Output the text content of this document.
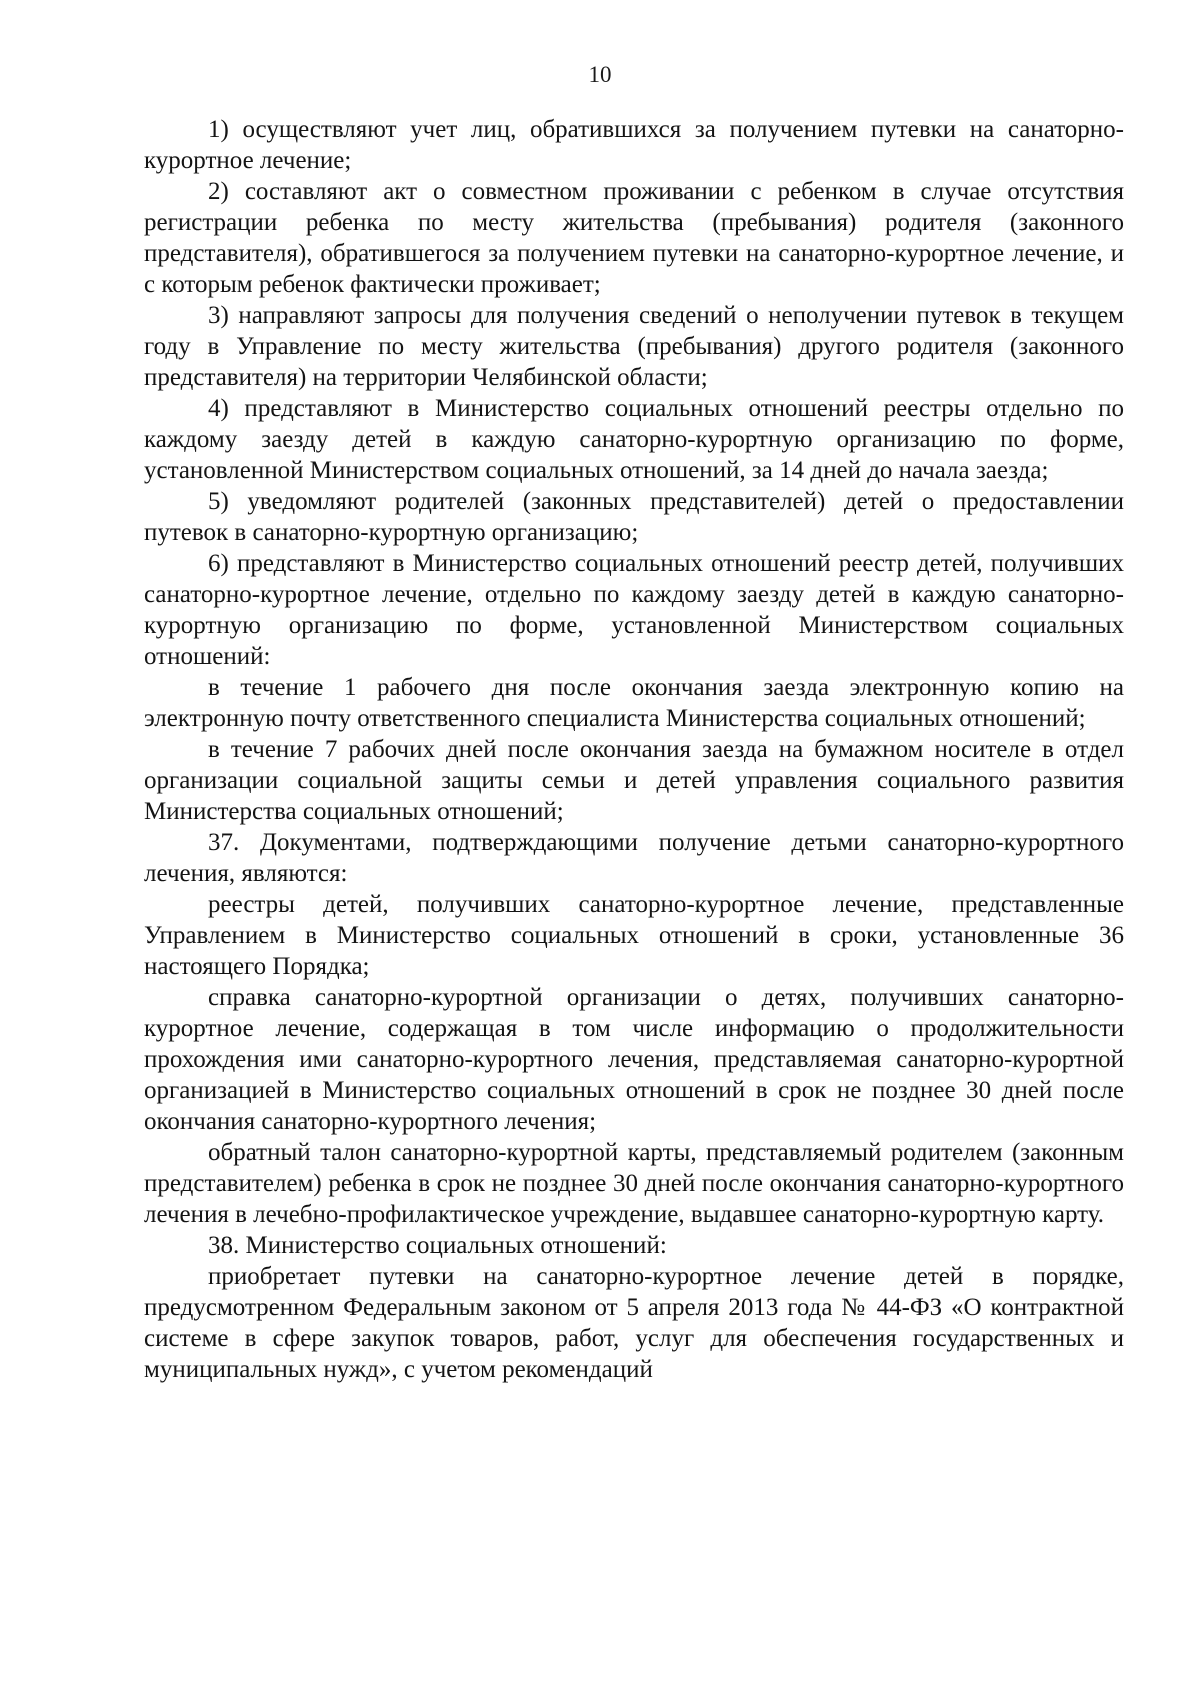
10

1) осуществляют учет лиц, обратившихся за получением путевки на санаторно-курортное лечение;

2) составляют акт о совместном проживании с ребенком в случае отсутствия регистрации ребенка по месту жительства (пребывания) родителя (законного представителя), обратившегося за получением путевки на санаторно-курортное лечение, и с которым ребенок фактически проживает;

3) направляют запросы для получения сведений о неполучении путевок в текущем году в Управление по месту жительства (пребывания) другого родителя (законного представителя) на территории Челябинской области;

4) представляют в Министерство социальных отношений реестры отдельно по каждому заезду детей в каждую санаторно-курортную организацию по форме, установленной Министерством социальных отношений, за 14 дней до начала заезда;

5) уведомляют родителей (законных представителей) детей о предоставлении путевок в санаторно-курортную организацию;

6) представляют в Министерство социальных отношений реестр детей, получивших санаторно-курортное лечение, отдельно по каждому заезду детей в каждую санаторно-курортную организацию по форме, установленной Министерством социальных отношений:

в течение 1 рабочего дня после окончания заезда электронную копию на электронную почту ответственного специалиста Министерства социальных отношений;

в течение 7 рабочих дней после окончания заезда на бумажном носителе в отдел организации социальной защиты семьи и детей управления социального развития Министерства социальных отношений;

37. Документами, подтверждающими получение детьми санаторно-курортного лечения, являются:

реестры детей, получивших санаторно-курортное лечение, представленные Управлением в Министерство социальных отношений в сроки, установленные 36 настоящего Порядка;

справка санаторно-курортной организации о детях, получивших санаторно-курортное лечение, содержащая в том числе информацию о продолжительности прохождения ими санаторно-курортного лечения, представляемая санаторно-курортной организацией в Министерство социальных отношений в срок не позднее 30 дней после окончания санаторно-курортного лечения;

обратный талон санаторно-курортной карты, представляемый родителем (законным представителем) ребенка в срок не позднее 30 дней после окончания санаторно-курортного лечения в лечебно-профилактическое учреждение, выдавшее санаторно-курортную карту.

38. Министерство социальных отношений:

приобретает путевки на санаторно-курортное лечение детей в порядке, предусмотренном Федеральным законом от 5 апреля 2013 года № 44-ФЗ «О контрактной системе в сфере закупок товаров, работ, услуг для обеспечения государственных и муниципальных нужд», с учетом рекомендаций
